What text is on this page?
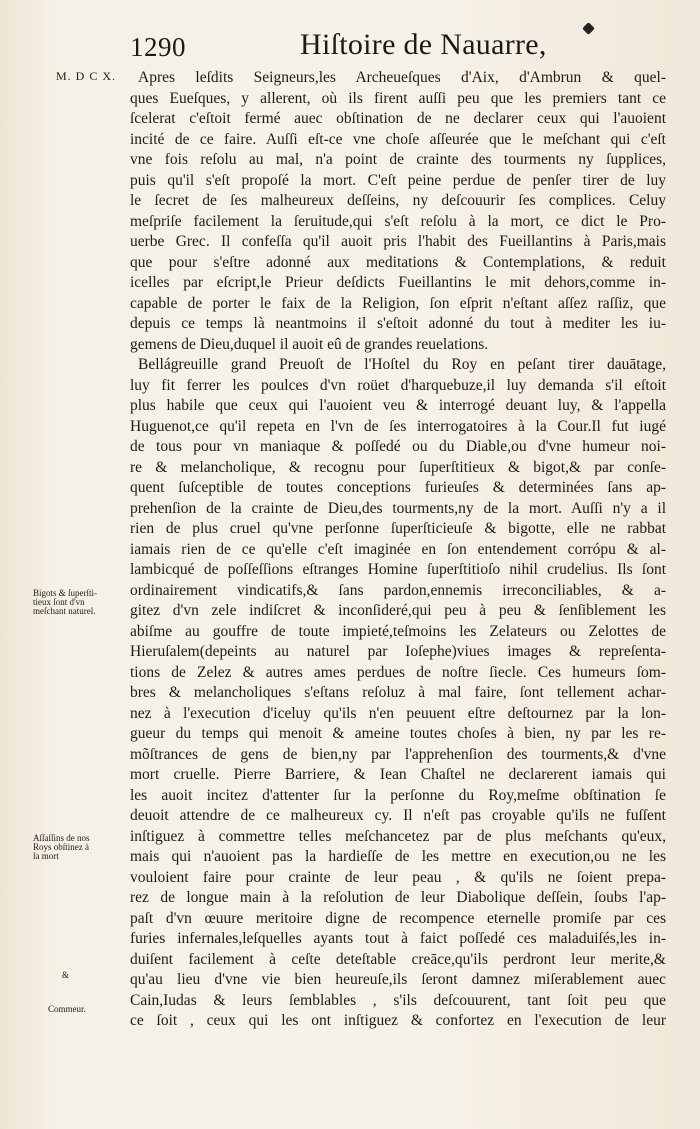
1290	Hiſtoire de Nauarre,
M. D C X.	Apres leſdits Seigneurs,les Archeueſques d'Aix, d'Ambrun & quel-
ques Eueſques, y allerent, où ils firent auſſi peu que les premiers tant ce
ſcelerat c'eſtoit fermé auec obſtination de ne declarer ceux qui l'auoient
incité de ce faire. Auſſi eſt-ce vne choſe aſſeurée que le meſchant qui c'eſt
vne fois reſolu au mal, n'a point de crainte des tourments ny ſupplices,
puis qu'il s'eſt propoſé la mort. C'eſt peine perdue de penſer tirer de luy
le ſecret de ſes malheureux deſſeins, ny deſcouurir ſes complices. Celuy
meſpriſe facilement la ſeruitude,qui s'eſt reſolu à la mort, ce dict le Pro-
uerbe Grec. Il confeſſa qu'il auoit pris l'habit des Fueillantins à Paris,mais
que pour s'eſtre adonné aux meditations & Contemplations, & reduit
icelles par eſcript,le Prieur deſdicts Fueillantins le mit dehors,comme in-
capable de porter le faix de la Religion, ſon eſprit n'eſtant aſſez raſſiz, que
depuis ce temps là neantmoins il s'eſtoit adonné du tout à mediter les iu-
gemens de Dieu,duquel il auoit eû de grandes reuelations.
Bellágreuille grand Preuoſt de l'Hoſtel du Roy en peſant tirer dauātage,
luy fit ferrer les poulces d'vn roüet d'harquebuze,il luy demanda s'il eſtoit
plus habile que ceux qui l'auoient veu & interrogé deuant luy, & l'appella
Huguenot,ce qu'il repeta en l'vn de ſes interrogatoires à la Cour.Il fut iugé
de tous pour vn maniaque & poſſedé ou du Diable,ou d'vne humeur noi-
re & melancholique, & recognu pour ſuperſtitieux & bigot,& par conſe-
quent ſuſceptible de toutes conceptions furieuſes & determinées ſans ap-
prehenſion de la crainte de Dieu,des tourments,ny de la mort. Auſſi n'y a il
rien de plus cruel qu'vne perſonne ſuperſticieuſe & bigotte, elle ne rabbat
iamais rien de ce qu'elle c'eſt imaginée en ſon entendement corrópu & al-
lambicqué de poſſeſſions eſtranges Homine ſuperſtitioſo nihil crudelius. Ils ſont
ordinairement vindicatifs,& ſans pardon,ennemis irreconciliables, & a-
gitez d'vn zele indiſcret & inconſideré,qui peu à peu & ſenſiblement les
abiſme au gouffre de toute impieté,teſmoins les Zelateurs ou Zelottes de
Hieruſalem(depeints au naturel par Ioſephe)viues images & repreſenta-
tions de Zelez & autres ames perdues de noſtre ſiecle. Ces humeurs ſom-
bres & melancholiques s'eſtans reſoluz à mal faire, ſont tellement achar-
nez à l'execution d'iceluy qu'ils n'en peuuent eſtre deſtournez par la lon-
gueur du temps qui menoit & ameine toutes choſes à bien, ny par les re-
mõſtrances de gens de bien,ny par l'apprehenſion des tourments,& d'vne
mort cruelle. Pierre Barriere, & Iean Chaſtel ne declarerent iamais qui
les auoit incitez d'attenter ſur la perſonne du Roy,meſme obſtination ſe
deuoit attendre de ce malheureux cy. Il n'eſt pas croyable qu'ils ne fuſſent
inſtiguez à commettre telles meſchancetez par de plus meſchants qu'eux,
mais qui n'auoient pas la hardieſſe de les mettre en execution,ou ne les
vouloient faire pour crainte de leur peau , & qu'ils ne ſoient prepa-
rez de longue main à la reſolution de leur Diabolique deſſein, ſoubs l'ap-
paſt d'vn œuure meritoire digne de recompence eternelle promiſe par ces
furies infernales,leſquelles ayants tout à faict poſſedé ces maladuiſés,les in-
duiſent facilement à ceſte deteſtable creāce,qu'ils perdront leur merite,&
qu'au lieu d'vne vie bien heureuſe,ils ſeront damnez miſerablement auec
Cain,Iudas & leurs ſemblables , s'ils deſcouurent, tant ſoit peu que
ce ſoit , ceux qui les ont inſtiguez & confortez en l'execution de leur
Bigots & ſuperſti-
tieux ſont d'vn
meſchant naturel.
Aſſaſſins de nos
Roys obſtinez à
la mort
&
Commeur.
